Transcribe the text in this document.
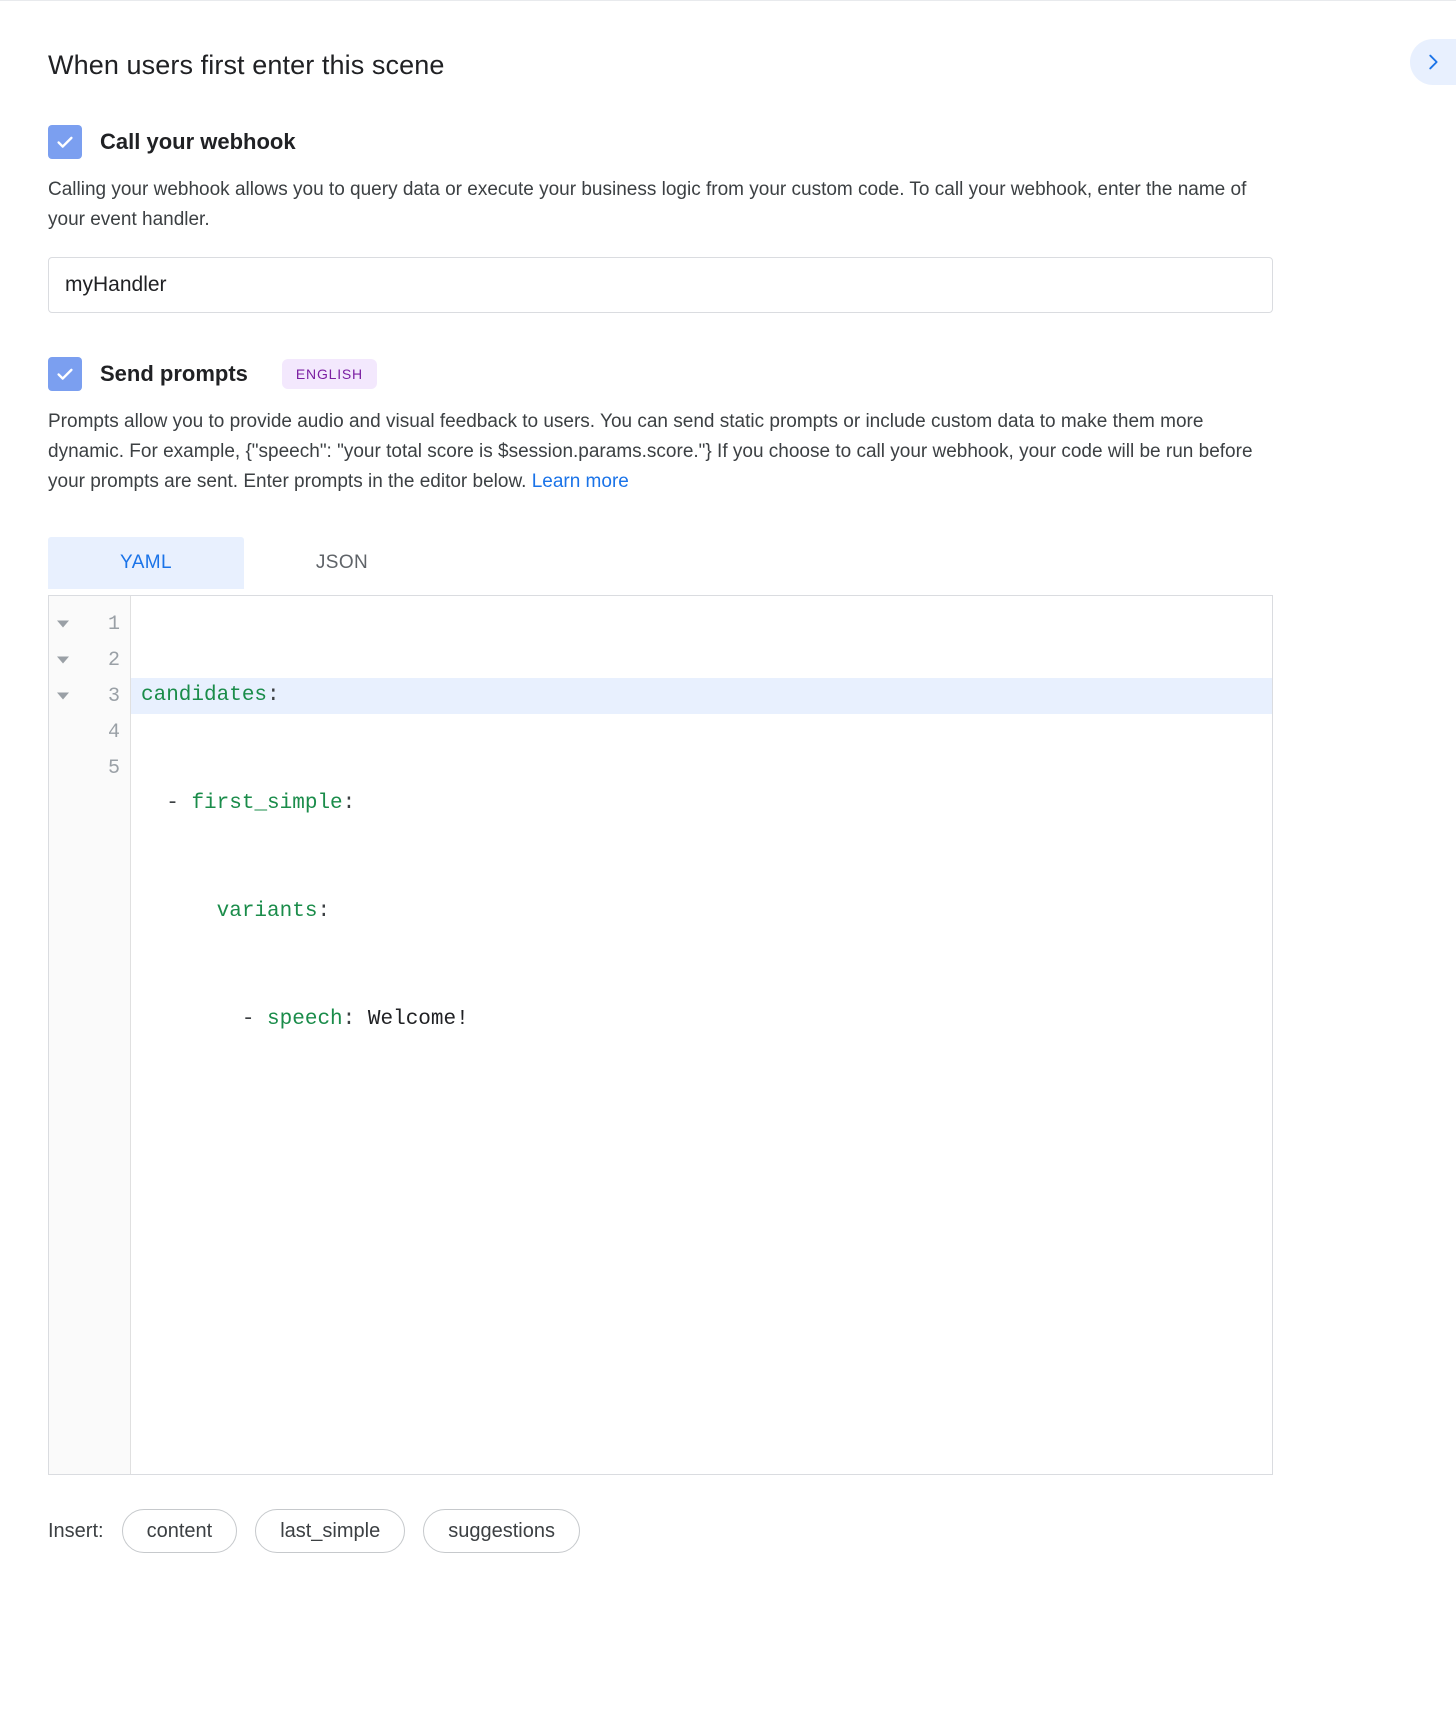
When users first enter this scene
Call your webhook
Calling your webhook allows you to query data or execute your business logic from your custom code. To call your webhook, enter the name of your event handler.
myHandler
Send prompts	ENGLISH
Prompts allow you to provide audio and visual feedback to users. You can send static prompts or include custom data to make them more dynamic. For example, {"speech": "your total score is $session.params.score."} If you choose to call your webhook, your code will be run before your prompts are sent. Enter prompts in the editor below. Learn more
YAML	JSON
1
2
3
4
5

candidates:

- first_simple:

variants:

- speech: Welcome!

Insert:	content	last_simple	suggestions
